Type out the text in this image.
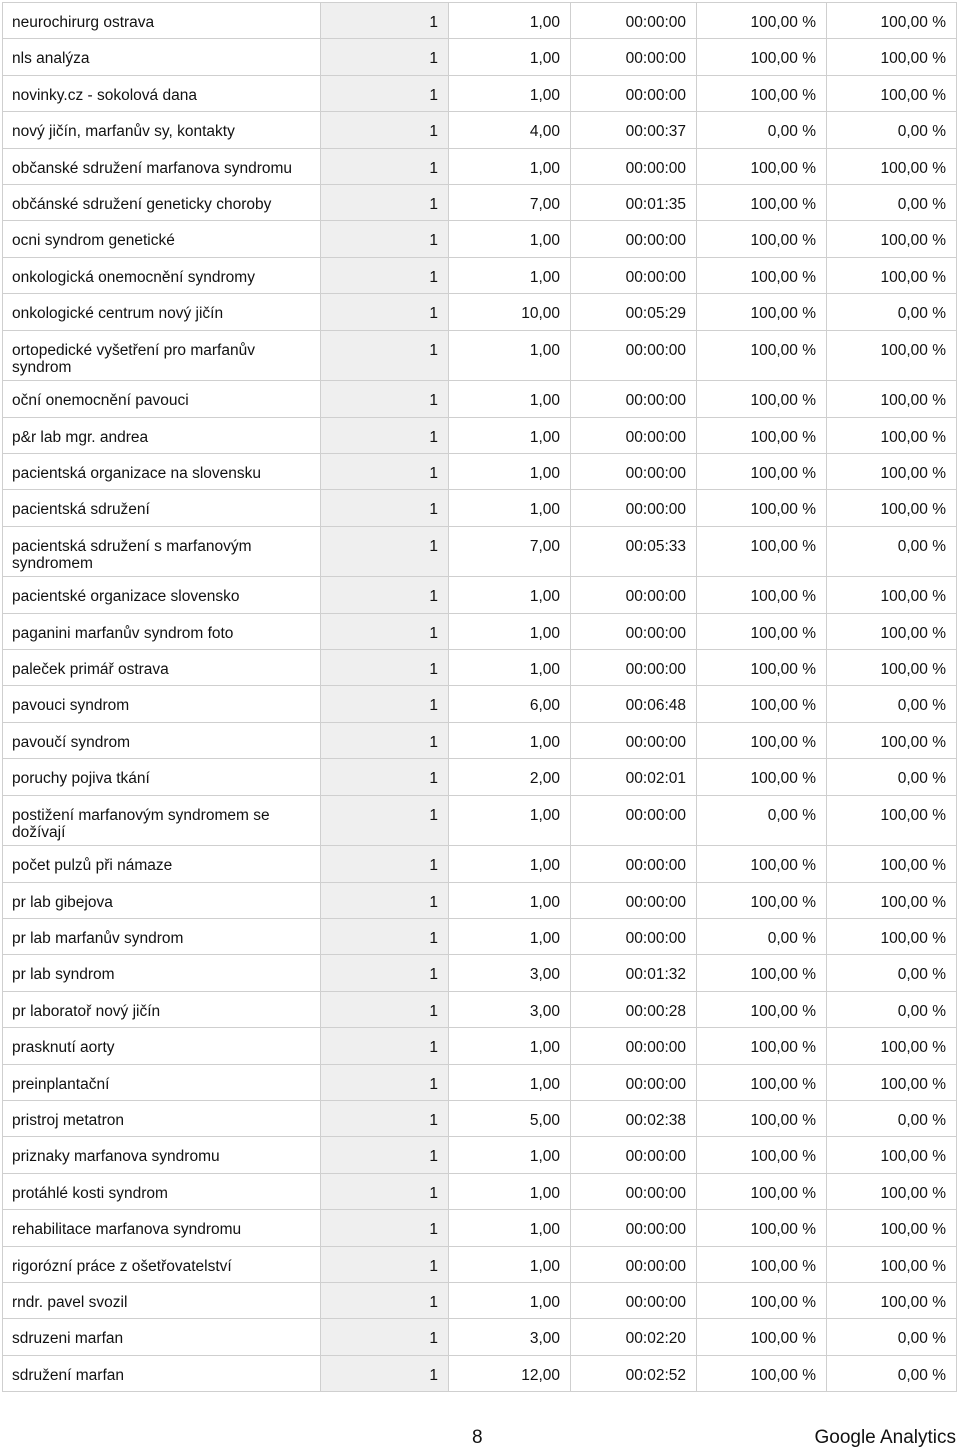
neurochirurg ostrava	1	1,00	00:00:00	100,00 %	100,00 %

nls analýza	1	1,00	00:00:00	100,00 %	100,00 %

novinky.cz - sokolová dana	1	1,00	00:00:00	100,00 %	100,00 %

nový jičín, marfanův sy, kontakty	1	4,00	00:00:37	0,00 %	0,00 %

občanské sdružení marfanova syndromu	1	1,00	00:00:00	100,00 %	100,00 %

občánské sdružení geneticky choroby	1	7,00	00:01:35	100,00 %	0,00 %

ocni syndrom genetické	1	1,00	00:00:00	100,00 %	100,00 %

onkologická onemocnění syndromy	1	1,00	00:00:00	100,00 %	100,00 %

onkologické centrum nový jičín	1	10,00	00:05:29	100,00 %	0,00 %

ortopedické vyšetření pro marfanův syndrom	1	1,00	00:00:00	100,00 %	100,00 %

oční onemocnění pavouci	1	1,00	00:00:00	100,00 %	100,00 %

p&r lab mgr. andrea	1	1,00	00:00:00	100,00 %	100,00 %

pacientská organizace na slovensku	1	1,00	00:00:00	100,00 %	100,00 %

pacientská sdružení	1	1,00	00:00:00	100,00 %	100,00 %

pacientská sdružení s marfanovým syndromem	1	7,00	00:05:33	100,00 %	0,00 %

pacientské organizace slovensko	1	1,00	00:00:00	100,00 %	100,00 %

paganini marfanův syndrom foto	1	1,00	00:00:00	100,00 %	100,00 %

paleček primář ostrava	1	1,00	00:00:00	100,00 %	100,00 %

pavouci syndrom	1	6,00	00:06:48	100,00 %	0,00 %

pavoučí syndrom	1	1,00	00:00:00	100,00 %	100,00 %

poruchy pojiva tkání	1	2,00	00:02:01	100,00 %	0,00 %

postižení marfanovým syndromem se dožívají	1	1,00	00:00:00	0,00 %	100,00 %

počet pulzů při námaze	1	1,00	00:00:00	100,00 %	100,00 %

pr lab gibejova	1	1,00	00:00:00	100,00 %	100,00 %

pr lab marfanův syndrom	1	1,00	00:00:00	0,00 %	100,00 %

pr lab syndrom	1	3,00	00:01:32	100,00 %	0,00 %

pr laboratoř nový jičín	1	3,00	00:00:28	100,00 %	0,00 %

prasknutí aorty	1	1,00	00:00:00	100,00 %	100,00 %

preinplantační	1	1,00	00:00:00	100,00 %	100,00 %

pristroj metatron	1	5,00	00:02:38	100,00 %	0,00 %

priznaky marfanova syndromu	1	1,00	00:00:00	100,00 %	100,00 %

protáhlé kosti syndrom	1	1,00	00:00:00	100,00 %	100,00 %

rehabilitace marfanova syndromu	1	1,00	00:00:00	100,00 %	100,00 %

rigorózní práce z ošetřovatelství	1	1,00	00:00:00	100,00 %	100,00 %

rndr. pavel svozil	1	1,00	00:00:00	100,00 %	100,00 %

sdruzeni marfan	1	3,00	00:02:20	100,00 %	0,00 %

sdružení marfan	1	12,00	00:02:52	100,00 %	0,00 %
8	Google Analytics
